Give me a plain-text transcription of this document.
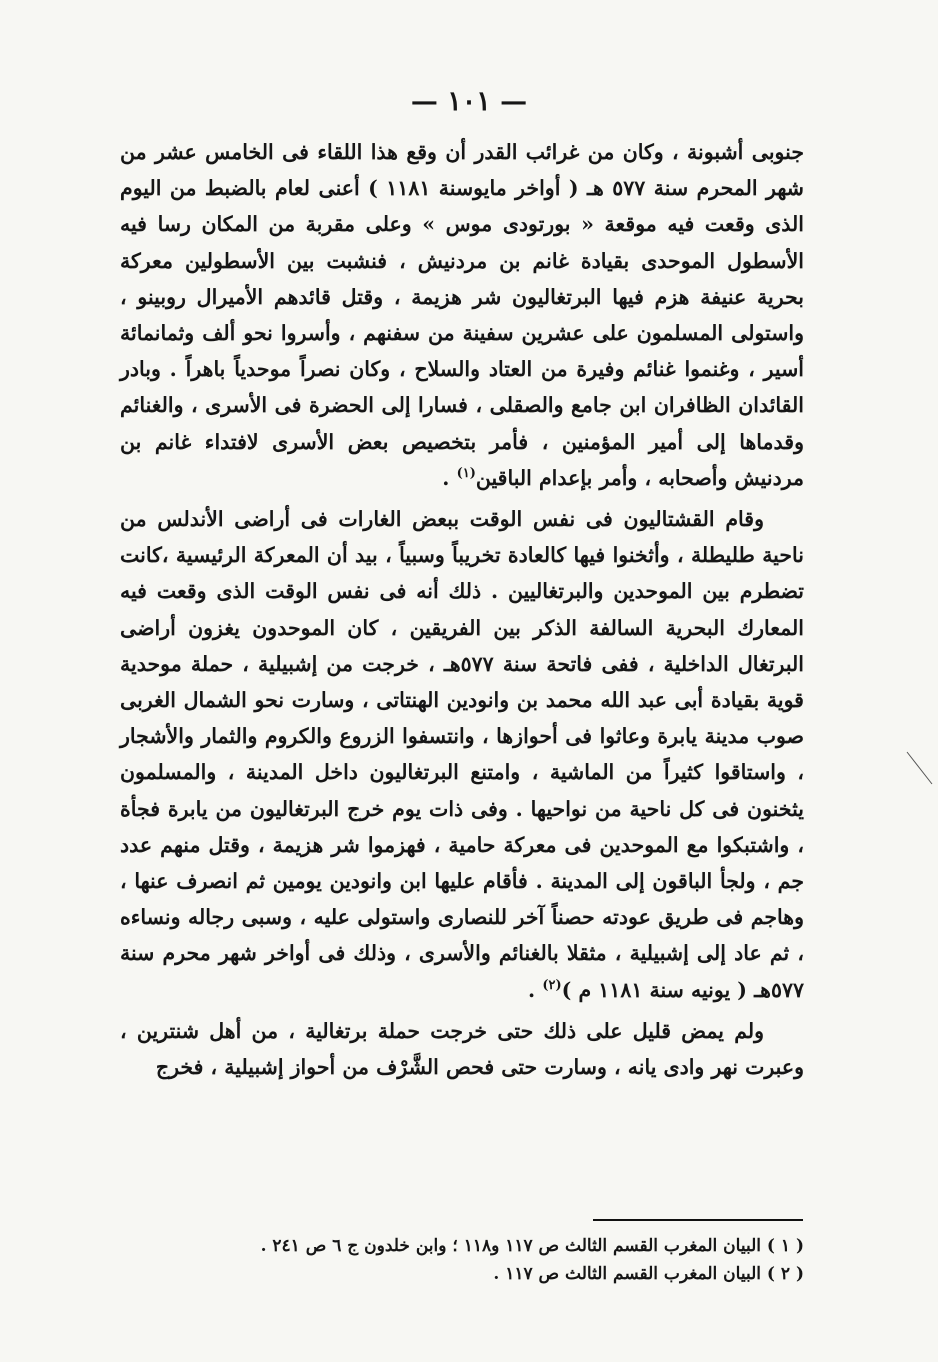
— ١٠١ —

جنوبى أشبونة ، وكان من غرائب القدر أن وقع هذا اللقاء فى الخامس عشر من شهر المحرم سنة ٥٧٧ هـ ( أواخر مايوسنة ١١٨١ ) أعنى لعام بالضبط من اليوم الذى وقعت فيه موقعة « بورتودى موس » وعلى مقربة من المكان رسا فيه الأسطول الموحدى بقيادة غانم بن مردنيش ، فنشبت بين الأسطولين معركة بحرية عنيفة هزم فيها البرتغاليون شر هزيمة ، وقتل قائدهم الأميرال روبينو ، واستولى المسلمون على عشرين سفينة من سفنهم ، وأسروا نحو ألف وثمانمائة أسير ، وغنموا غنائم وفيرة من العتاد والسلاح ، وكان نصراً موحدياً باهراً . وبادر القائدان الظافران ابن جامع والصقلى ، فسارا إلى الحضرة فى الأسرى ، والغنائم وقدماها إلى أمير المؤمنين ، فأمر بتخصيص بعض الأسرى لافتداء غانم بن مردنيش وأصحابه ، وأمر بإعدام الباقين$^{(١)}$ .

وقام القشتاليون فى نفس الوقت ببعض الغارات فى أراضى الأندلس من ناحية طليطلة ، وأثخنوا فيها كالعادة تخريباً وسبياً ، بيد أن المعركة الرئيسية ،كانت تضطرم بين الموحدين والبرتغاليين . ذلك أنه فى نفس الوقت الذى وقعت فيه المعارك البحرية السالفة الذكر بين الفريقين ، كان الموحدون يغزون أراضى البرتغال الداخلية ، ففى فاتحة سنة ٥٧٧هـ ، خرجت من إشبيلية ، حملة موحدية قوية بقيادة أبى عبد الله محمد بن وانودين الهنتاتى ، وسارت نحو الشمال الغربى صوب مدينة يابرة وعاثوا فى أحوازها ، وانتسفوا الزروع والكروم والثمار والأشجار ، واستاقوا كثيراً من الماشية ، وامتنع البرتغاليون داخل المدينة ، والمسلمون يثخنون فى كل ناحية من نواحيها . وفى ذات يوم خرج البرتغاليون من يابرة فجأة ، واشتبكوا مع الموحدين فى معركة حامية ، فهزموا شر هزيمة ، وقتل منهم عدد جم ، ولجأ الباقون إلى المدينة . فأقام عليها ابن وانودين يومين ثم انصرف عنها ، وهاجم فى طريق عودته حصناً آخر للنصارى واستولى عليه ، وسبى رجاله ونساءه ، ثم عاد إلى إشبيلية ، مثقلا بالغنائم والأسرى ، وذلك فى أواخر شهر محرم سنة ٥٧٧هـ ( يونيه سنة ١١٨١ م )$^{(٢)}$ .

ولم يمض قليل على ذلك حتى خرجت حملة برتغالية ، من أهل شنترين ، وعبرت نهر وادى يانه ، وسارت حتى فحص الشَّرْف من أحواز إشبيلية ، فخرج

( ١ ) البيان المغرب القسم الثالث ص ١١٧ و١١٨ ؛ وابن خلدون ج ٦ ص ٢٤١ .
( ٢ ) البيان المغرب القسم الثالث ص ١١٧ .
